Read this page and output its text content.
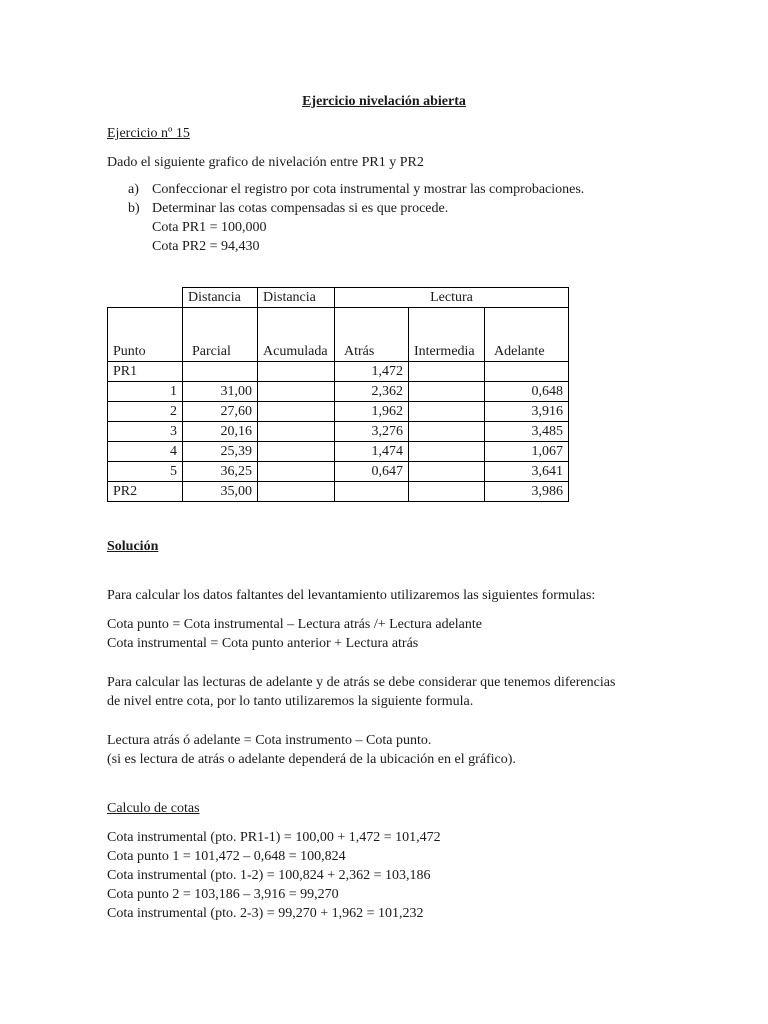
Ejercicio nivelación abierta
Ejercicio nº 15
Dado el siguiente grafico de nivelación entre PR1 y PR2
a) Confeccionar el registro por cota instrumental y mostrar las comprobaciones.
b) Determinar las cotas compensadas si es que procede.
Cota PR1 = 100,000
Cota PR2 = 94,430
	Distancia	Distancia	Lectura		
Punto	Parcial	Acumulada	Atrás	Intermedia	Adelante
PR1			1,472		
1	31,00		2,362		0,648
2	27,60		1,962		3,916
3	20,16		3,276		3,485
4	25,39		1,474		1,067
5	36,25		0,647		3,641
PR2	35,00				3,986
Solución
Para calcular los datos faltantes del levantamiento utilizaremos las siguientes formulas:
Cota punto = Cota instrumental – Lectura atrás /+ Lectura adelante
Cota instrumental = Cota punto anterior + Lectura atrás
Para calcular las lecturas de adelante y de atrás se debe considerar que tenemos diferencias
de nivel entre cota, por lo tanto utilizaremos la siguiente formula.
Lectura atrás ó adelante = Cota instrumento – Cota punto.
(si es lectura de atrás o adelante dependerá de la ubicación en el gráfico).
Calculo de cotas
Cota instrumental (pto. PR1-1) = 100,00 + 1,472 = 101,472
Cota punto 1 = 101,472 – 0,648 = 100,824
Cota instrumental (pto. 1-2) = 100,824 + 2,362 = 103,186
Cota punto 2 = 103,186 – 3,916 = 99,270
Cota instrumental (pto. 2-3) = 99,270 + 1,962 = 101,232
